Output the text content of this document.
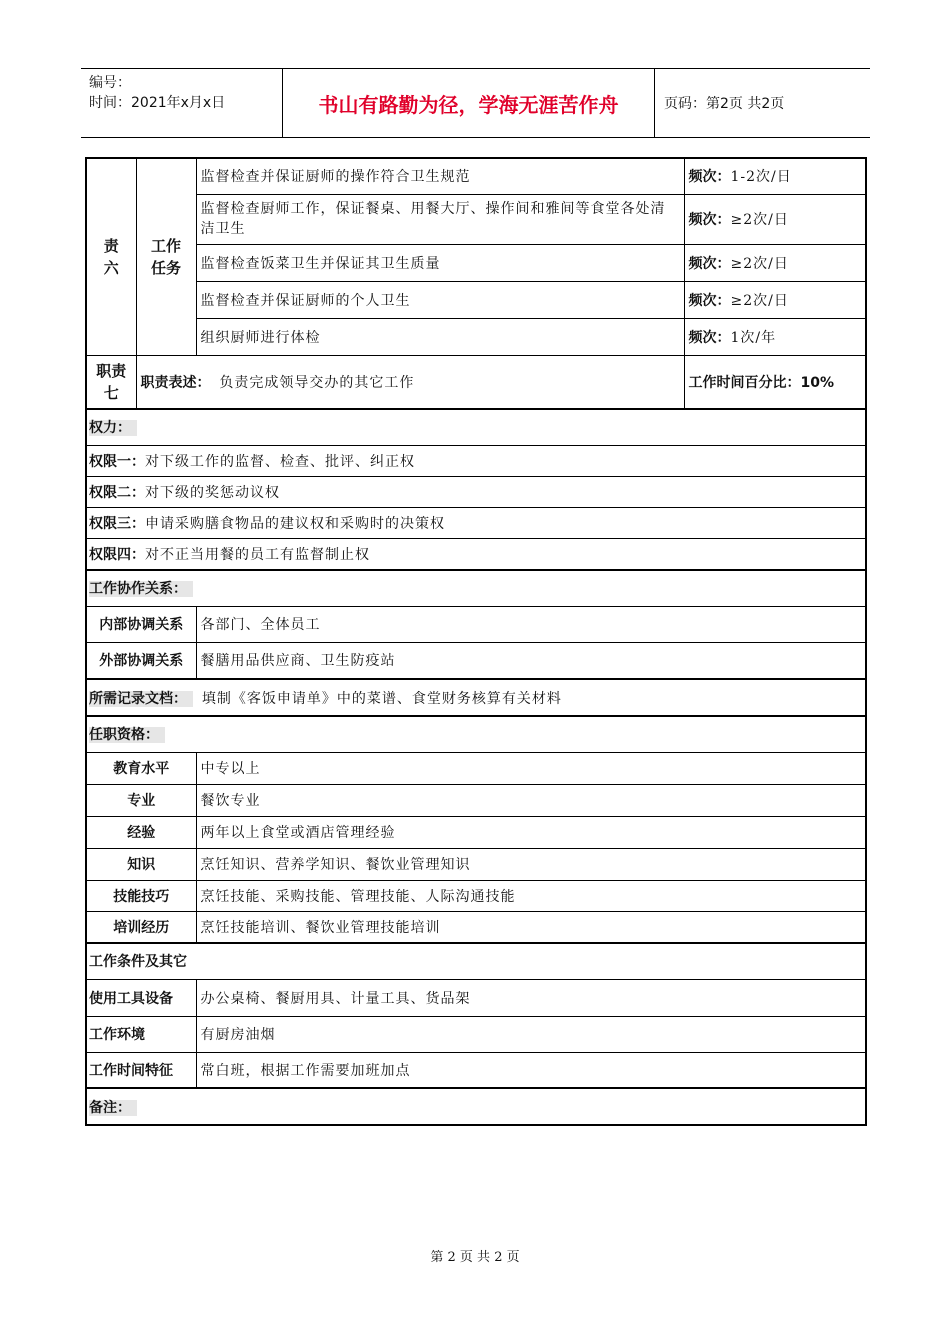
编号：
时间：2021年x月x日	书山有路勤为径，学海无涯苦作舟	页码：第2页 共2页
责六	工作任务	监督检查并保证厨师的操作符合卫生规范	频次：1-2次/日
		监督检查厨师工作，保证餐桌、用餐大厅、操作间和雅间等食堂各处清洁卫生	频次：≥2次/日
		监督检查饭菜卫生并保证其卫生质量	频次：≥2次/日
		监督检查并保证厨师的个人卫生	频次：≥2次/日
		组织厨师进行体检	频次：1次/年

职责七	职责表述： 负责完成领导交办的其它工作		工作时间百分比：10%
权力：			
权限一：对下级工作的监督、检查、批评、纠正权			
权限二：对下级的奖惩动议权			
权限三：申请采购膳食物品的建议权和采购时的决策权			
权限四：对不正当用餐的员工有监督制止权			
工作协作关系：			
内部协调关系		各部门、全体员工	
外部协调关系		餐膳用品供应商、卫生防疫站	
所需记录文档： 填制《客饭申请单》中的菜谱、食堂财务核算有关材料			
任职资格：			
教育水平		中专以上	
专业		餐饮专业	
经验		两年以上食堂或酒店管理经验	
知识		烹饪知识、营养学知识、餐饮业管理知识	
技能技巧		烹饪技能、采购技能、管理技能、人际沟通技能	
培训经历		烹饪技能培训、餐饮业管理技能培训	
工作条件及其它			
使用工具设备		办公桌椅、餐厨用具、计量工具、货品架	
工作环境		有厨房油烟	
工作时间特征		常白班，根据工作需要加班加点	
备注：			
第 2 页 共 2 页
